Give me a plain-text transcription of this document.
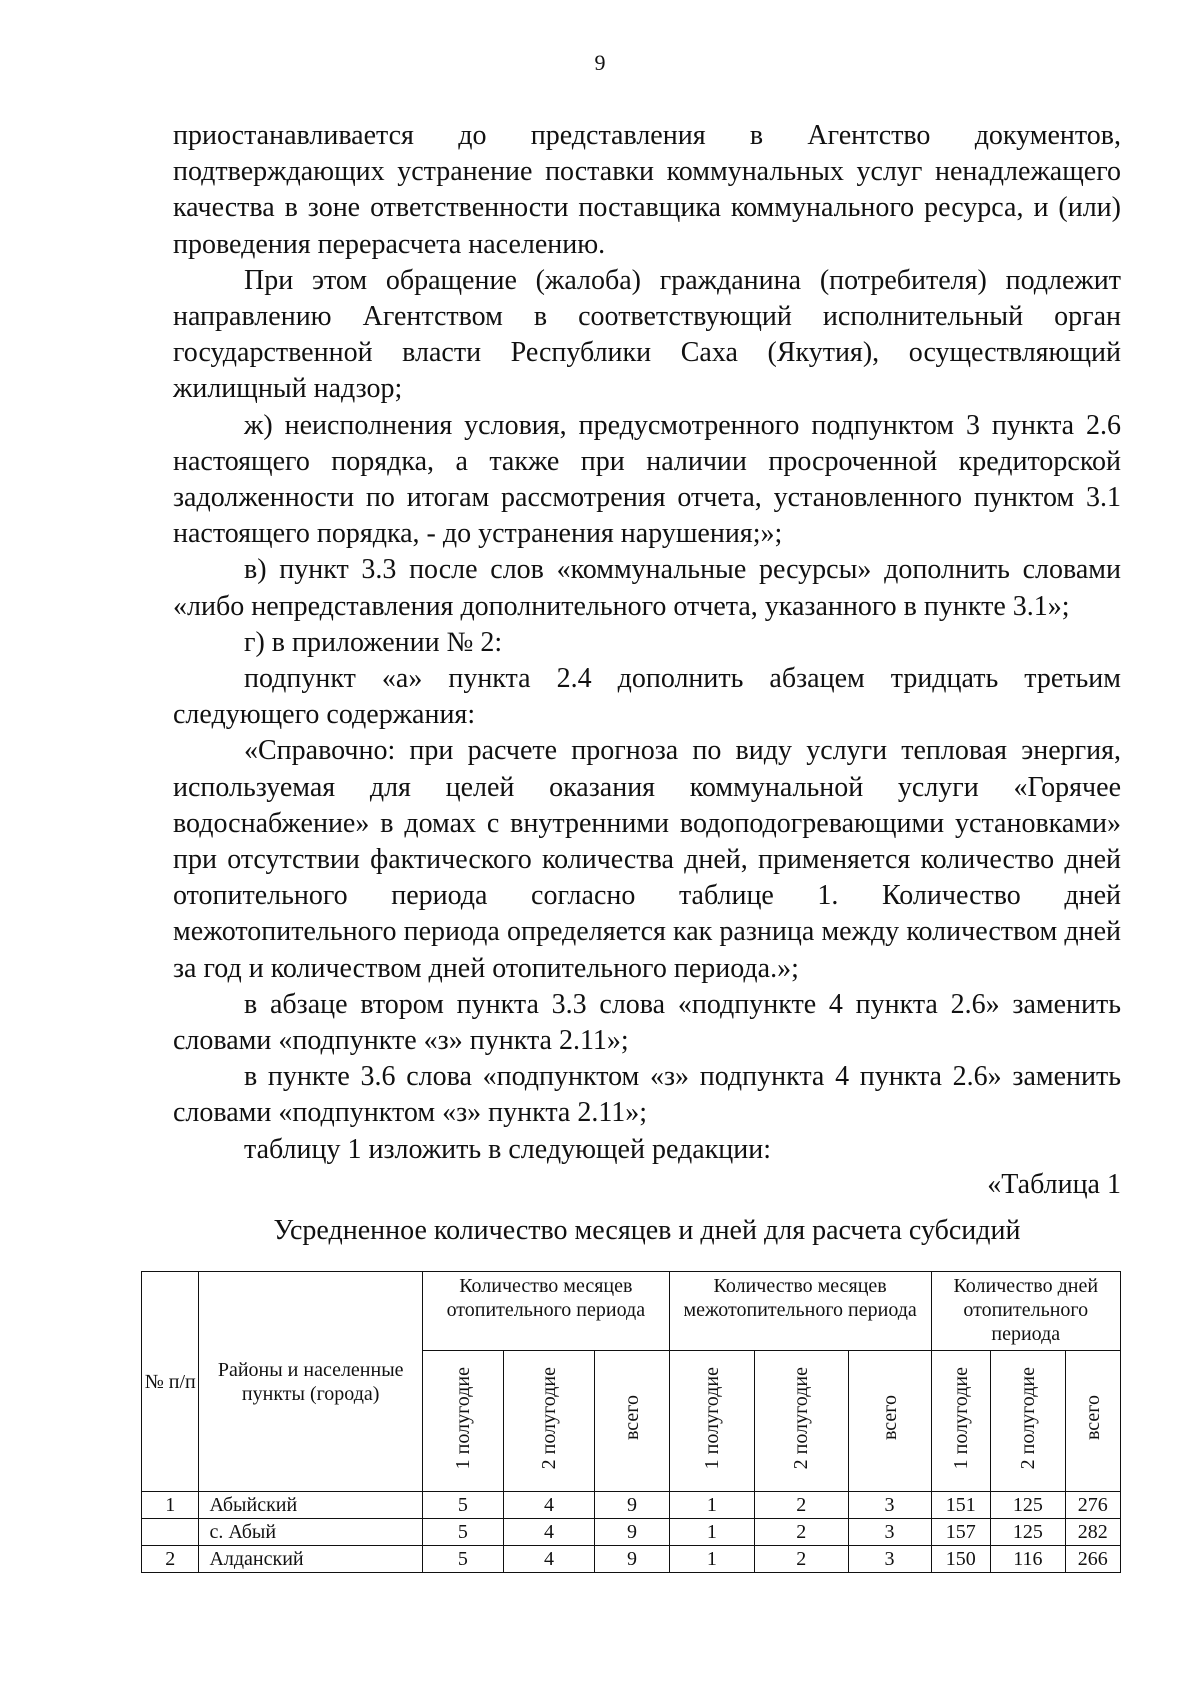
9

приостанавливается до представления в Агентство документов, подтверждающих устранение поставки коммунальных услуг ненадлежащего качества в зоне ответственности поставщика коммунального ресурса, и (или) проведения перерасчета населению.

При этом обращение (жалоба) гражданина (потребителя) подлежит направлению Агентством в соответствующий исполнительный орган государственной власти Республики Саха (Якутия), осуществляющий жилищный надзор;

ж) неисполнения условия, предусмотренного подпунктом 3 пункта 2.6 настоящего порядка, а также при наличии просроченной кредиторской задолженности по итогам рассмотрения отчета, установленного пунктом 3.1 настоящего порядка, - до устранения нарушения;»;

в) пункт 3.3 после слов «коммунальные ресурсы» дополнить словами «либо непредставления дополнительного отчета, указанного в пункте 3.1»;

г) в приложении № 2:

подпункт «а» пункта 2.4 дополнить абзацем тридцать третьим следующего содержания:

«Справочно: при расчете прогноза по виду услуги тепловая энергия, используемая для целей оказания коммунальной услуги «Горячее водоснабжение» в домах с внутренними водоподогревающими установками» при отсутствии фактического количества дней, применяется количество дней отопительного периода согласно таблице 1. Количество дней межотопительного периода определяется как разница между количеством дней за год и количеством дней отопительного периода.»;

в абзаце втором пункта 3.3 слова «подпункте 4 пункта 2.6» заменить словами «подпункте «з» пункта 2.11»;

в пункте 3.6 слова «подпунктом «з» подпункта 4 пункта 2.6» заменить словами «подпунктом «з» пункта 2.11»;

таблицу 1 изложить в следующей редакции:

«Таблица 1
Усредненное количество месяцев и дней для расчета субсидий
№ п/п	Районы и населенные пункты (города)	Количество месяцев отопительного периода			Количество месяцев межотопительного периода			Количество дней отопительного периода		
		1 полугодие	2 полугодие	всего	1 полугодие	2 полугодие	всего	1 полугодие	2 полугодие	всего
1	Абыйский	5	4	9	1	2	3	151	125	276
	с. Абый	5	4	9	1	2	3	157	125	282
2	Алданский	5	4	9	1	2	3	150	116	266
